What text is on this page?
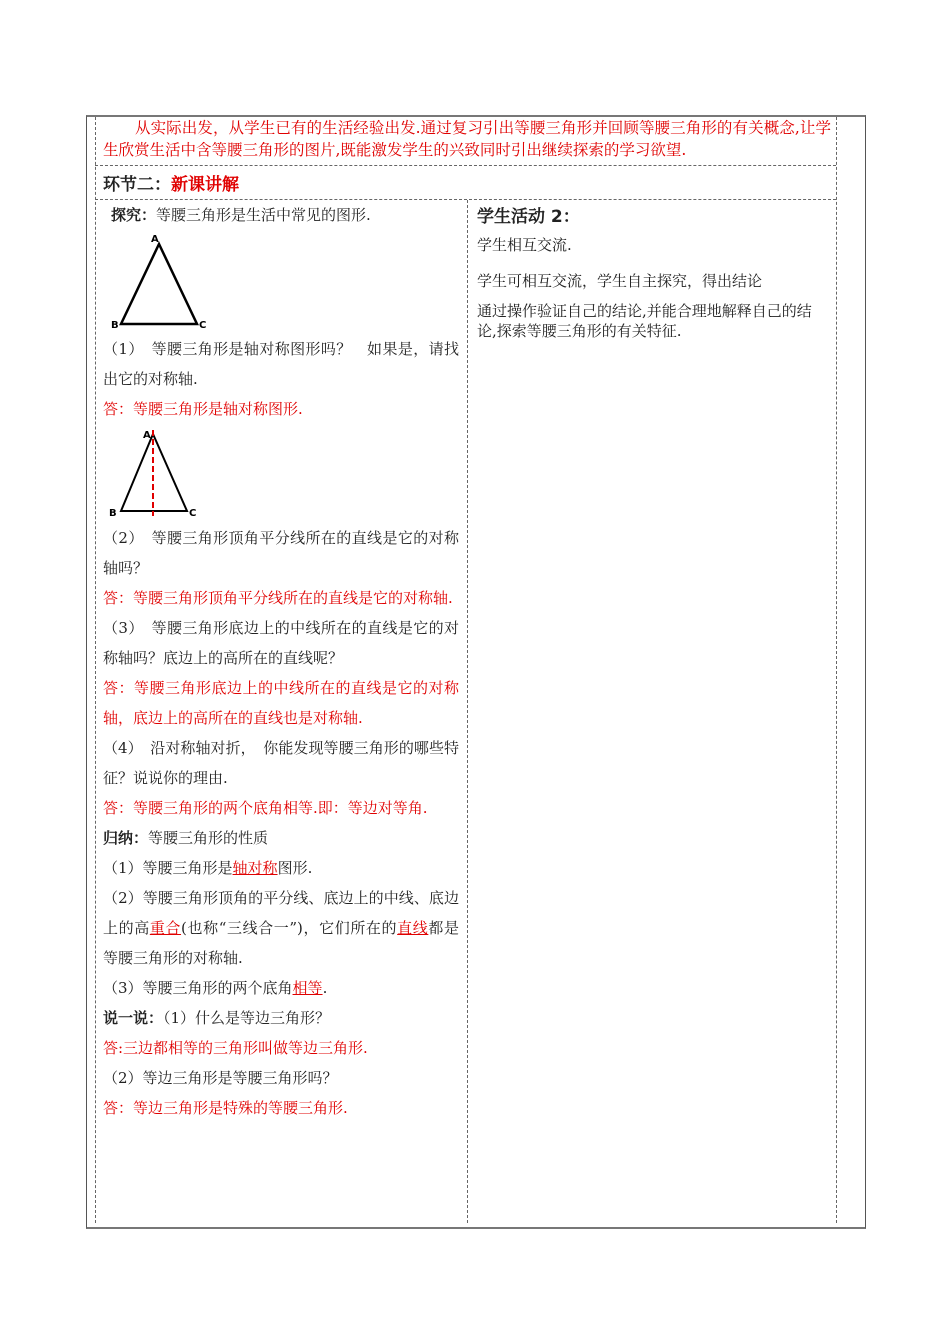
从实际出发，从学生已有的生活经验出发.通过复习引出等腰三角形并回顾等腰三角形的有关概念,让学生欣赏生活中含等腰三角形的图片,既能激发学生的兴致同时引出继续探索的学习欲望.
环节二：新课讲解

探究：等腰三角形是生活中常见的图形.

A
B	C

（1）　等腰三角形是轴对称图形吗？　如果是，请找出它的对称轴.

答：等腰三角形是轴对称图形.

A
B	C

（2）　等腰三角形顶角平分线所在的直线是它的对称轴吗？

答：等腰三角形顶角平分线所在的直线是它的对称轴.

（3）　等腰三角形底边上的中线所在的直线是它的对称轴吗？底边上的高所在的直线呢？

答：等腰三角形底边上的中线所在的直线是它的对称轴，底边上的高所在的直线也是对称轴.

（4）　沿对称轴对折，　你能发现等腰三角形的哪些特征？说说你的理由.

答：等腰三角形的两个底角相等.即：等边对等角.

归纳：等腰三角形的性质

（1）等腰三角形是轴对称图形.

（2）等腰三角形顶角的平分线、底边上的中线、底边上的高重合(也称“三线合一”)，它们所在的直线都是等腰三角形的对称轴.

（3）等腰三角形的两个底角相等.

说一说：（1）什么是等边三角形？

答:三边都相等的三角形叫做等边三角形.

（2）等边三角形是等腰三角形吗？

答：等边三角形是特殊的等腰三角形.

学生活动 2：

学生相互交流.

学生可相互交流，学生自主探究，得出结论

通过操作验证自己的结论,并能合理地解释自己的结论,探索等腰三角形的有关特征.
